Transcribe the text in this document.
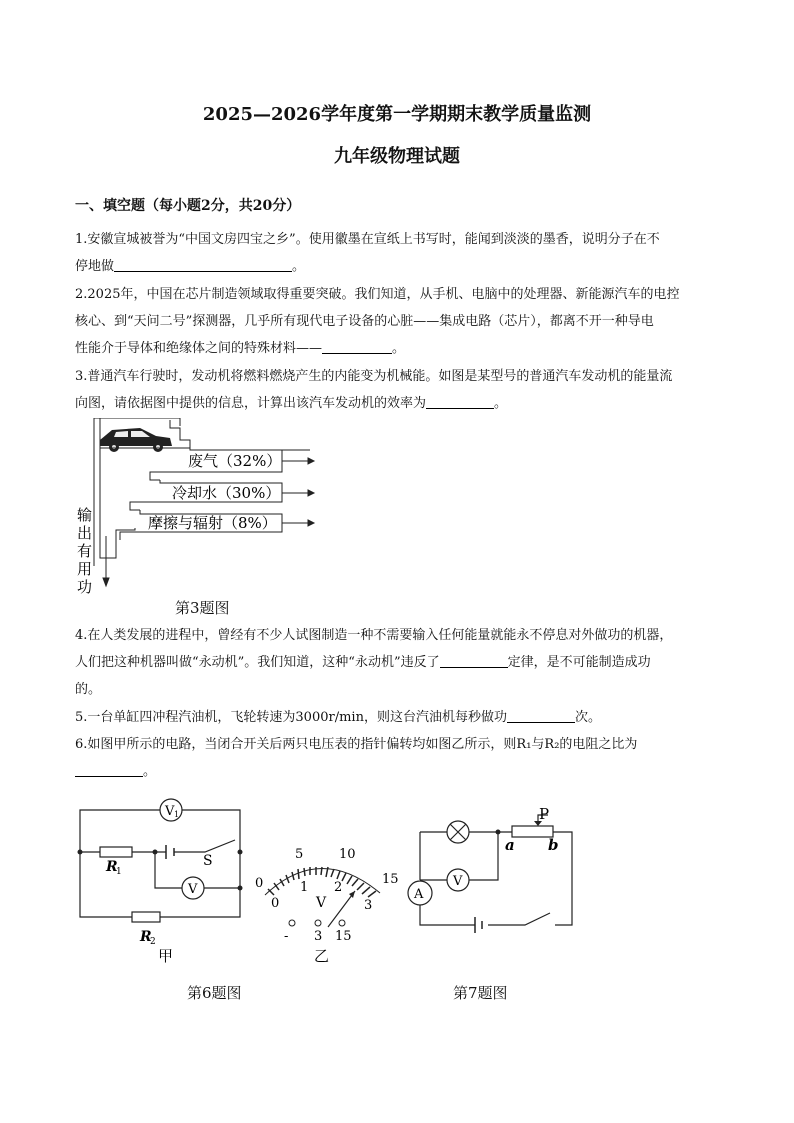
2025—2026学年度第一学期期末教学质量监测
九年级物理试题
一、填空题（每小题2分，共20分）
1.安徽宣城被誉为“中国文房四宝之乡”。使用徽墨在宣纸上书写时，能闻到淡淡的墨香，说明分子在不
停地做	。
2.2025年，中国在芯片制造领域取得重要突破。我们知道，从手机、电脑中的处理器、新能源汽车的电控
核心、到“天问二号”探测器，几乎所有现代电子设备的心脏——集成电路（芯片），都离不开一种导电
性能介于导体和绝缘体之间的特殊材料——	。
3.普通汽车行驶时，发动机将燃料燃烧产生的内能变为机械能。如图是某型号的普通汽车发动机的能量流
向图，请依据图中提供的信息，计算出该汽车发动机的效率为	。
废气（32%）
冷却水（30%）
摩擦与辐射（8%）
输
出
有
用
功
第3题图
4.在人类发展的进程中，曾经有不少人试图制造一种不需要输入任何能量就能永不停息对外做功的机器，
人们把这种机器叫做“永动机”。我们知道，这种“永动机”违反了	定律，是不可能制造成功
的。
5.一台单缸四冲程汽油机，飞轮转速为3000r/min，则这台汽油机每秒做功	次。
6.如图甲所示的电路，当闭合开关后两只电压表的指针偏转均如图乙所示，则R₁与R₂的电阻之比为
。
V 1
V
R
1
R
2
S
甲
0
5	10
15
0
1 2
3
V
- 3 15
乙
V
A
P
a b
第6题图	第7题图
